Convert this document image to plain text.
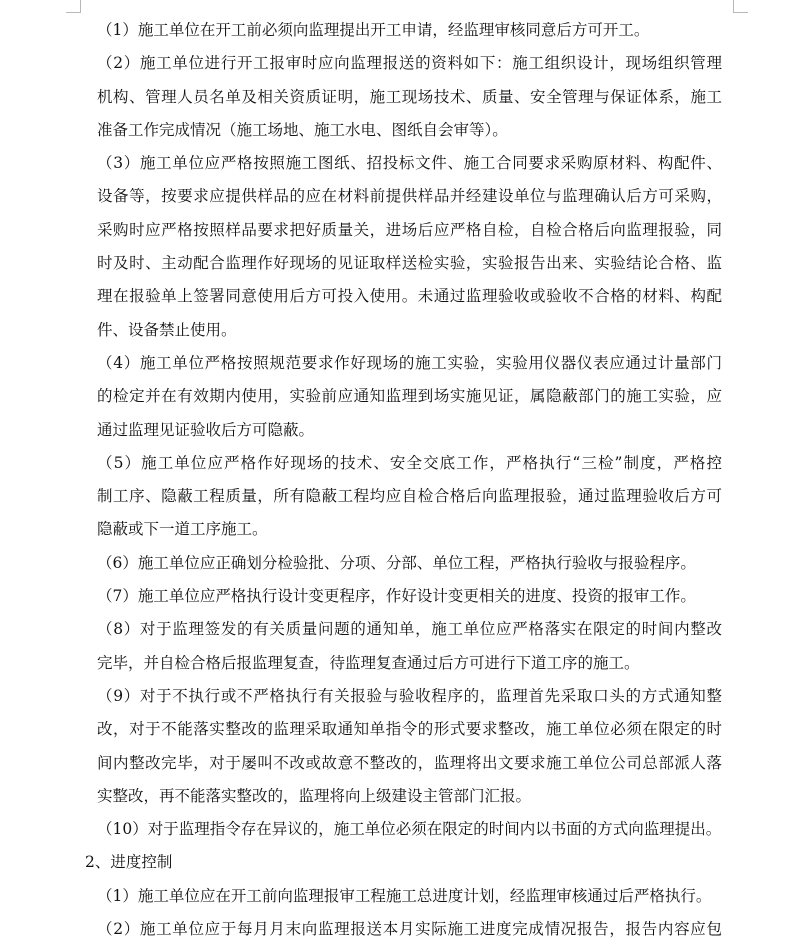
（1）施工单位在开工前必须向监理提出开工申请，经监理审核同意后方可开工。
（2）施工单位进行开工报审时应向监理报送的资料如下：施工组织设计，现场组织管理
机构、管理人员名单及相关资质证明，施工现场技术、质量、安全管理与保证体系，施工
准备工作完成情况（施工场地、施工水电、图纸自会审等）。
（3）施工单位应严格按照施工图纸、招投标文件、施工合同要求采购原材料、构配件、
设备等，按要求应提供样品的应在材料前提供样品并经建设单位与监理确认后方可采购，
采购时应严格按照样品要求把好质量关，进场后应严格自检，自检合格后向监理报验，同
时及时、主动配合监理作好现场的见证取样送检实验，实验报告出来、实验结论合格、监
理在报验单上签署同意使用后方可投入使用。未通过监理验收或验收不合格的材料、构配
件、设备禁止使用。
（4）施工单位严格按照规范要求作好现场的施工实验，实验用仪器仪表应通过计量部门
的检定并在有效期内使用，实验前应通知监理到场实施见证，属隐蔽部门的施工实验，应
通过监理见证验收后方可隐蔽。
（5）施工单位应严格作好现场的技术、安全交底工作，严格执行“三检”制度，严格控
制工序、隐蔽工程质量，所有隐蔽工程均应自检合格后向监理报验，通过监理验收后方可
隐蔽或下一道工序施工。
（6）施工单位应正确划分检验批、分项、分部、单位工程，严格执行验收与报验程序。
（7）施工单位应严格执行设计变更程序，作好设计变更相关的进度、投资的报审工作。
（8）对于监理签发的有关质量问题的通知单，施工单位应严格落实在限定的时间内整改
完毕，并自检合格后报监理复查，待监理复查通过后方可进行下道工序的施工。
（9）对于不执行或不严格执行有关报验与验收程序的，监理首先采取口头的方式通知整
改，对于不能落实整改的监理采取通知单指令的形式要求整改，施工单位必须在限定的时
间内整改完毕，对于屡叫不改或故意不整改的，监理将出文要求施工单位公司总部派人落
实整改，再不能落实整改的，监理将向上级建设主管部门汇报。
（10）对于监理指令存在异议的，施工单位必须在限定的时间内以书面的方式向监理提出。
2、进度控制
（1）施工单位应在开工前向监理报审工程施工总进度计划，经监理审核通过后严格执行。
（2）施工单位应于每月月末向监理报送本月实际施工进度完成情况报告，报告内容应包
